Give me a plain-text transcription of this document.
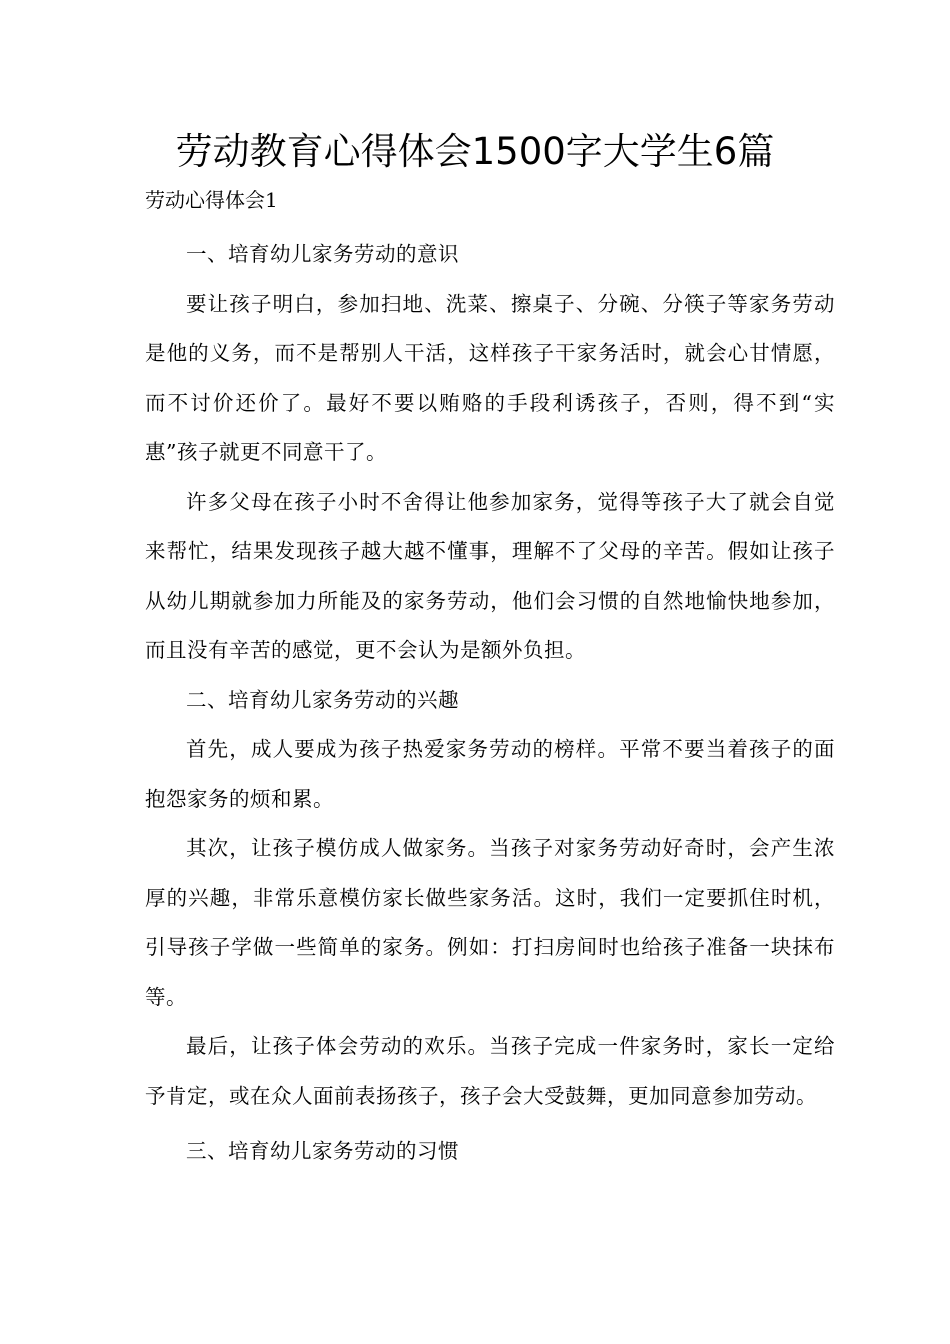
劳动教育心得体会1500字大学生6篇
劳动心得体会1

一、培育幼儿家务劳动的意识

要让孩子明白，参加扫地、洗菜、擦桌子、分碗、分筷子等家务劳动是他的义务，而不是帮别人干活，这样孩子干家务活时，就会心甘情愿，而不讨价还价了。最好不要以贿赂的手段利诱孩子，否则，得不到“实惠”孩子就更不同意干了。

许多父母在孩子小时不舍得让他参加家务，觉得等孩子大了就会自觉来帮忙，结果发现孩子越大越不懂事，理解不了父母的辛苦。假如让孩子从幼儿期就参加力所能及的家务劳动，他们会习惯的自然地愉快地参加，而且没有辛苦的感觉，更不会认为是额外负担。

二、培育幼儿家务劳动的兴趣

首先，成人要成为孩子热爱家务劳动的榜样。平常不要当着孩子的面抱怨家务的烦和累。

其次，让孩子模仿成人做家务。当孩子对家务劳动好奇时，会产生浓厚的兴趣，非常乐意模仿家长做些家务活。这时，我们一定要抓住时机，引导孩子学做一些简单的家务。例如：打扫房间时也给孩子准备一块抹布等。

最后，让孩子体会劳动的欢乐。当孩子完成一件家务时，家长一定给予肯定，或在众人面前表扬孩子，孩子会大受鼓舞，更加同意参加劳动。

三、培育幼儿家务劳动的习惯
